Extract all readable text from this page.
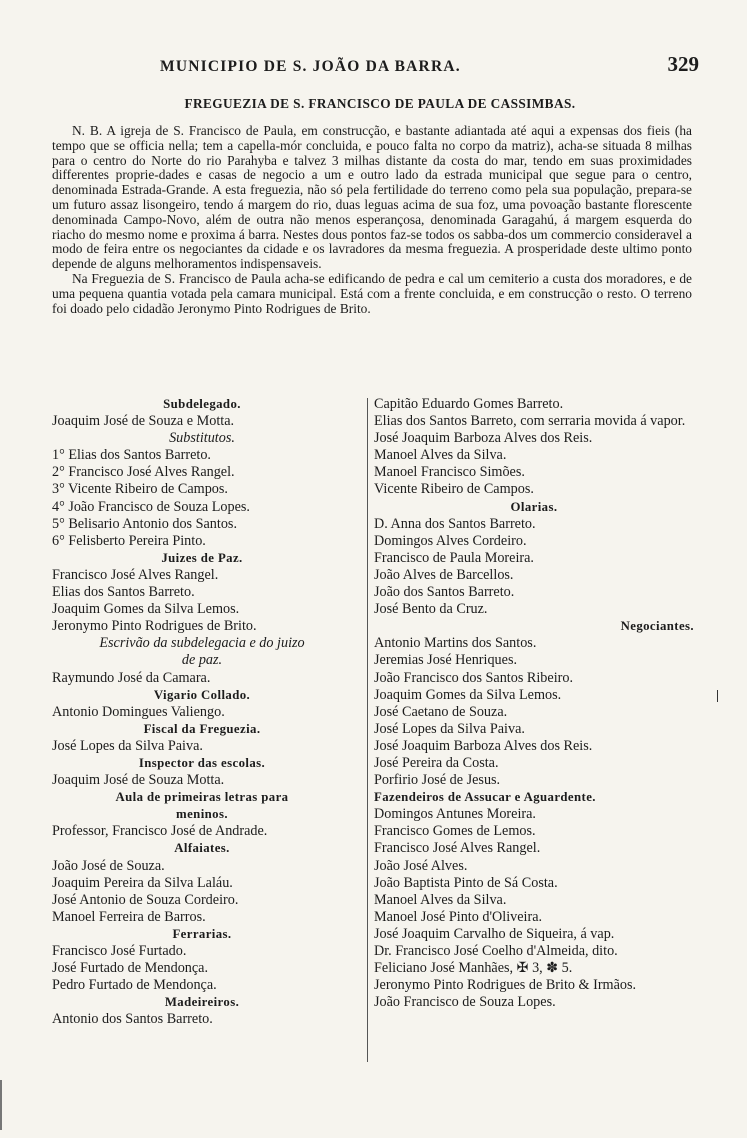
MUNICIPIO DE S. JOÃO DA BARRA.	329
FREGUEZIA DE S. FRANCISCO DE PAULA DE CASSIMBAS.

N. B. A igreja de S. Francisco de Paula, em construcção, e bastante adiantada até aqui a expensas dos fieis (ha tempo que se officia nella; tem a capella-mór concluida, e pouco falta no corpo da matriz), acha-se situada 8 milhas para o centro do Norte do rio Parahyba e talvez 3 milhas distante da costa do mar, tendo em suas proximidades differentes proprie-dades e casas de negocio a um e outro lado da estrada municipal que segue para o centro, denominada Estrada-Grande. A esta freguezia, não só pela fertilidade do terreno como pela sua população, prepara-se um futuro assaz lisongeiro, tendo á margem do rio, duas leguas acima de sua foz, uma povoação bastante florescente denominada Campo-Novo, além de outra não menos esperançosa, denominada Garagahú, á margem esquerda do riacho do mesmo nome e proxima á barra. Nestes dous pontos faz-se todos os sabba-dos um commercio consideravel a modo de feira entre os negociantes da cidade e os lavradores da mesma freguezia. A prosperidade deste ultimo ponto depende de alguns melhoramentos indispensaveis.

Na Freguezia de S. Francisco de Paula acha-se edificando de pedra e cal um cemiterio a custa dos moradores, e de uma pequena quantia votada pela camara municipal. Está com a frente concluida, e em construcção o resto. O terreno foi doado pelo cidadão Jeronymo Pinto Rodrigues de Brito.

Subdelegado.
Joaquim José de Souza e Motta.
Substitutos.
1° Elias dos Santos Barreto.
2° Francisco José Alves Rangel.
3° Vicente Ribeiro de Campos.
4° João Francisco de Souza Lopes.
5° Belisario Antonio dos Santos.
6° Felisberto Pereira Pinto.
Juizes de Paz.
Francisco José Alves Rangel.
Elias dos Santos Barreto.
Joaquim Gomes da Silva Lemos.
Jeronymo Pinto Rodrigues de Brito.
Escrivão da subdelegacia e do juizo
de paz.
Raymundo José da Camara.
Vigario Collado.
Antonio Domingues Valiengo.
Fiscal da Freguezia.
José Lopes da Silva Paiva.
Inspector das escolas.
Joaquim José de Souza Motta.
Aula de primeiras letras para
meninos.
Professor, Francisco José de Andrade.
Alfaiates.
João José de Souza.
Joaquim Pereira da Silva Laláu.
José Antonio de Souza Cordeiro.
Manoel Ferreira de Barros.
Ferrarias.
Francisco José Furtado.
José Furtado de Mendonça.
Pedro Furtado de Mendonça.
Madeireiros.
Antonio dos Santos Barreto.
Capitão Eduardo Gomes Barreto.
Elias dos Santos Barreto, com serraria movida á vapor.
José Joaquim Barboza Alves dos Reis.
Manoel Alves da Silva.
Manoel Francisco Simões.
Vicente Ribeiro de Campos.
Olarias.
D. Anna dos Santos Barreto.
Domingos Alves Cordeiro.
Francisco de Paula Moreira.
João Alves de Barcellos.
João dos Santos Barreto.
José Bento da Cruz.
Negociantes.
Antonio Martins dos Santos.
Jeremias José Henriques.
João Francisco dos Santos Ribeiro.
Joaquim Gomes da Silva Lemos.
José Caetano de Souza.
José Lopes da Silva Paiva.
José Joaquim Barboza Alves dos Reis.
José Pereira da Costa.
Porfirio José de Jesus.
Fazendeiros de Assucar e Aguardente.
Domingos Antunes Moreira.
Francisco Gomes de Lemos.
Francisco José Alves Rangel.
João José Alves.
João Baptista Pinto de Sá Costa.
Manoel Alves da Silva.
Manoel José Pinto d'Oliveira.
José Joaquim Carvalho de Siqueira, á vap.
Dr. Francisco José Coelho d'Almeida, dito.
Feliciano José Manhães, ✠ 3, ✽ 5.
Jeronymo Pinto Rodrigues de Brito & Irmãos.
João Francisco de Souza Lopes.
